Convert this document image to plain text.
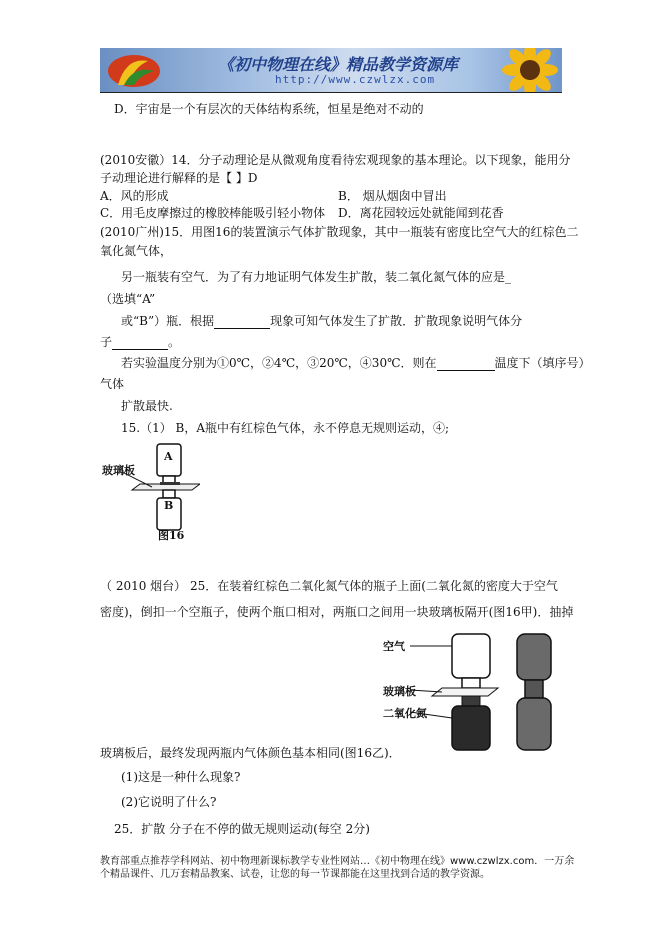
《初中物理在线》精品教学资源库
http://www.czwlzx.com
D．宇宙是一个有层次的天体结构系统，恒星是绝对不动的
(2010安徽）14．分子动理论是从微观角度看待宏观现象的基本理论。以下现象，能用分
子动理论进行解释的是【 】D
A．风的形成	B． 烟从烟囱中冒出
C．用毛皮摩擦过的橡胶棒能吸引轻小物体 D．离花园较远处就能闻到花香
(2010广州)15．用图16的装置演示气体扩散现象，其中一瓶装有密度比空气大的红棕色二
氧化氮气体，
另一瓶装有空气．为了有力地证明气体发生扩散，装二氧化氮气体的应是_
（选填“A”
或“B”）瓶．根据	现象可知气体发生了扩散．扩散现象说明气体分
子	。
若实验温度分别为①0℃，②4℃，③20℃，④30℃．则在	温度下（填序号）
气体
扩散最快.
15.（1） B，A瓶中有红棕色气体，永不停息无规则运动，④;
玻璃板
A
B
图16
（ 2010 烟台） 25．在装着红棕色二氧化氮气体的瓶子上面(二氧化氮的密度大于空气
密度)，倒扣一个空瓶子，使两个瓶口相对，两瓶口之间用一块玻璃板隔开(图16甲)．抽掉
空气
玻璃板
二氧化氮
玻璃板后，最终发现两瓶内气体颜色基本相同(图16乙)．
(1)这是一种什么现象?
(2)它说明了什么?
25．扩散 分子在不停的做无规则运动(每空 2分)
教育部重点推荐学科网站、初中物理新课标教学专业性网站…《初中物理在线》www.czwlzx.com．一万余
个精品课件、几万套精品教案、试卷，让您的每一节课都能在这里找到合适的教学资源。
